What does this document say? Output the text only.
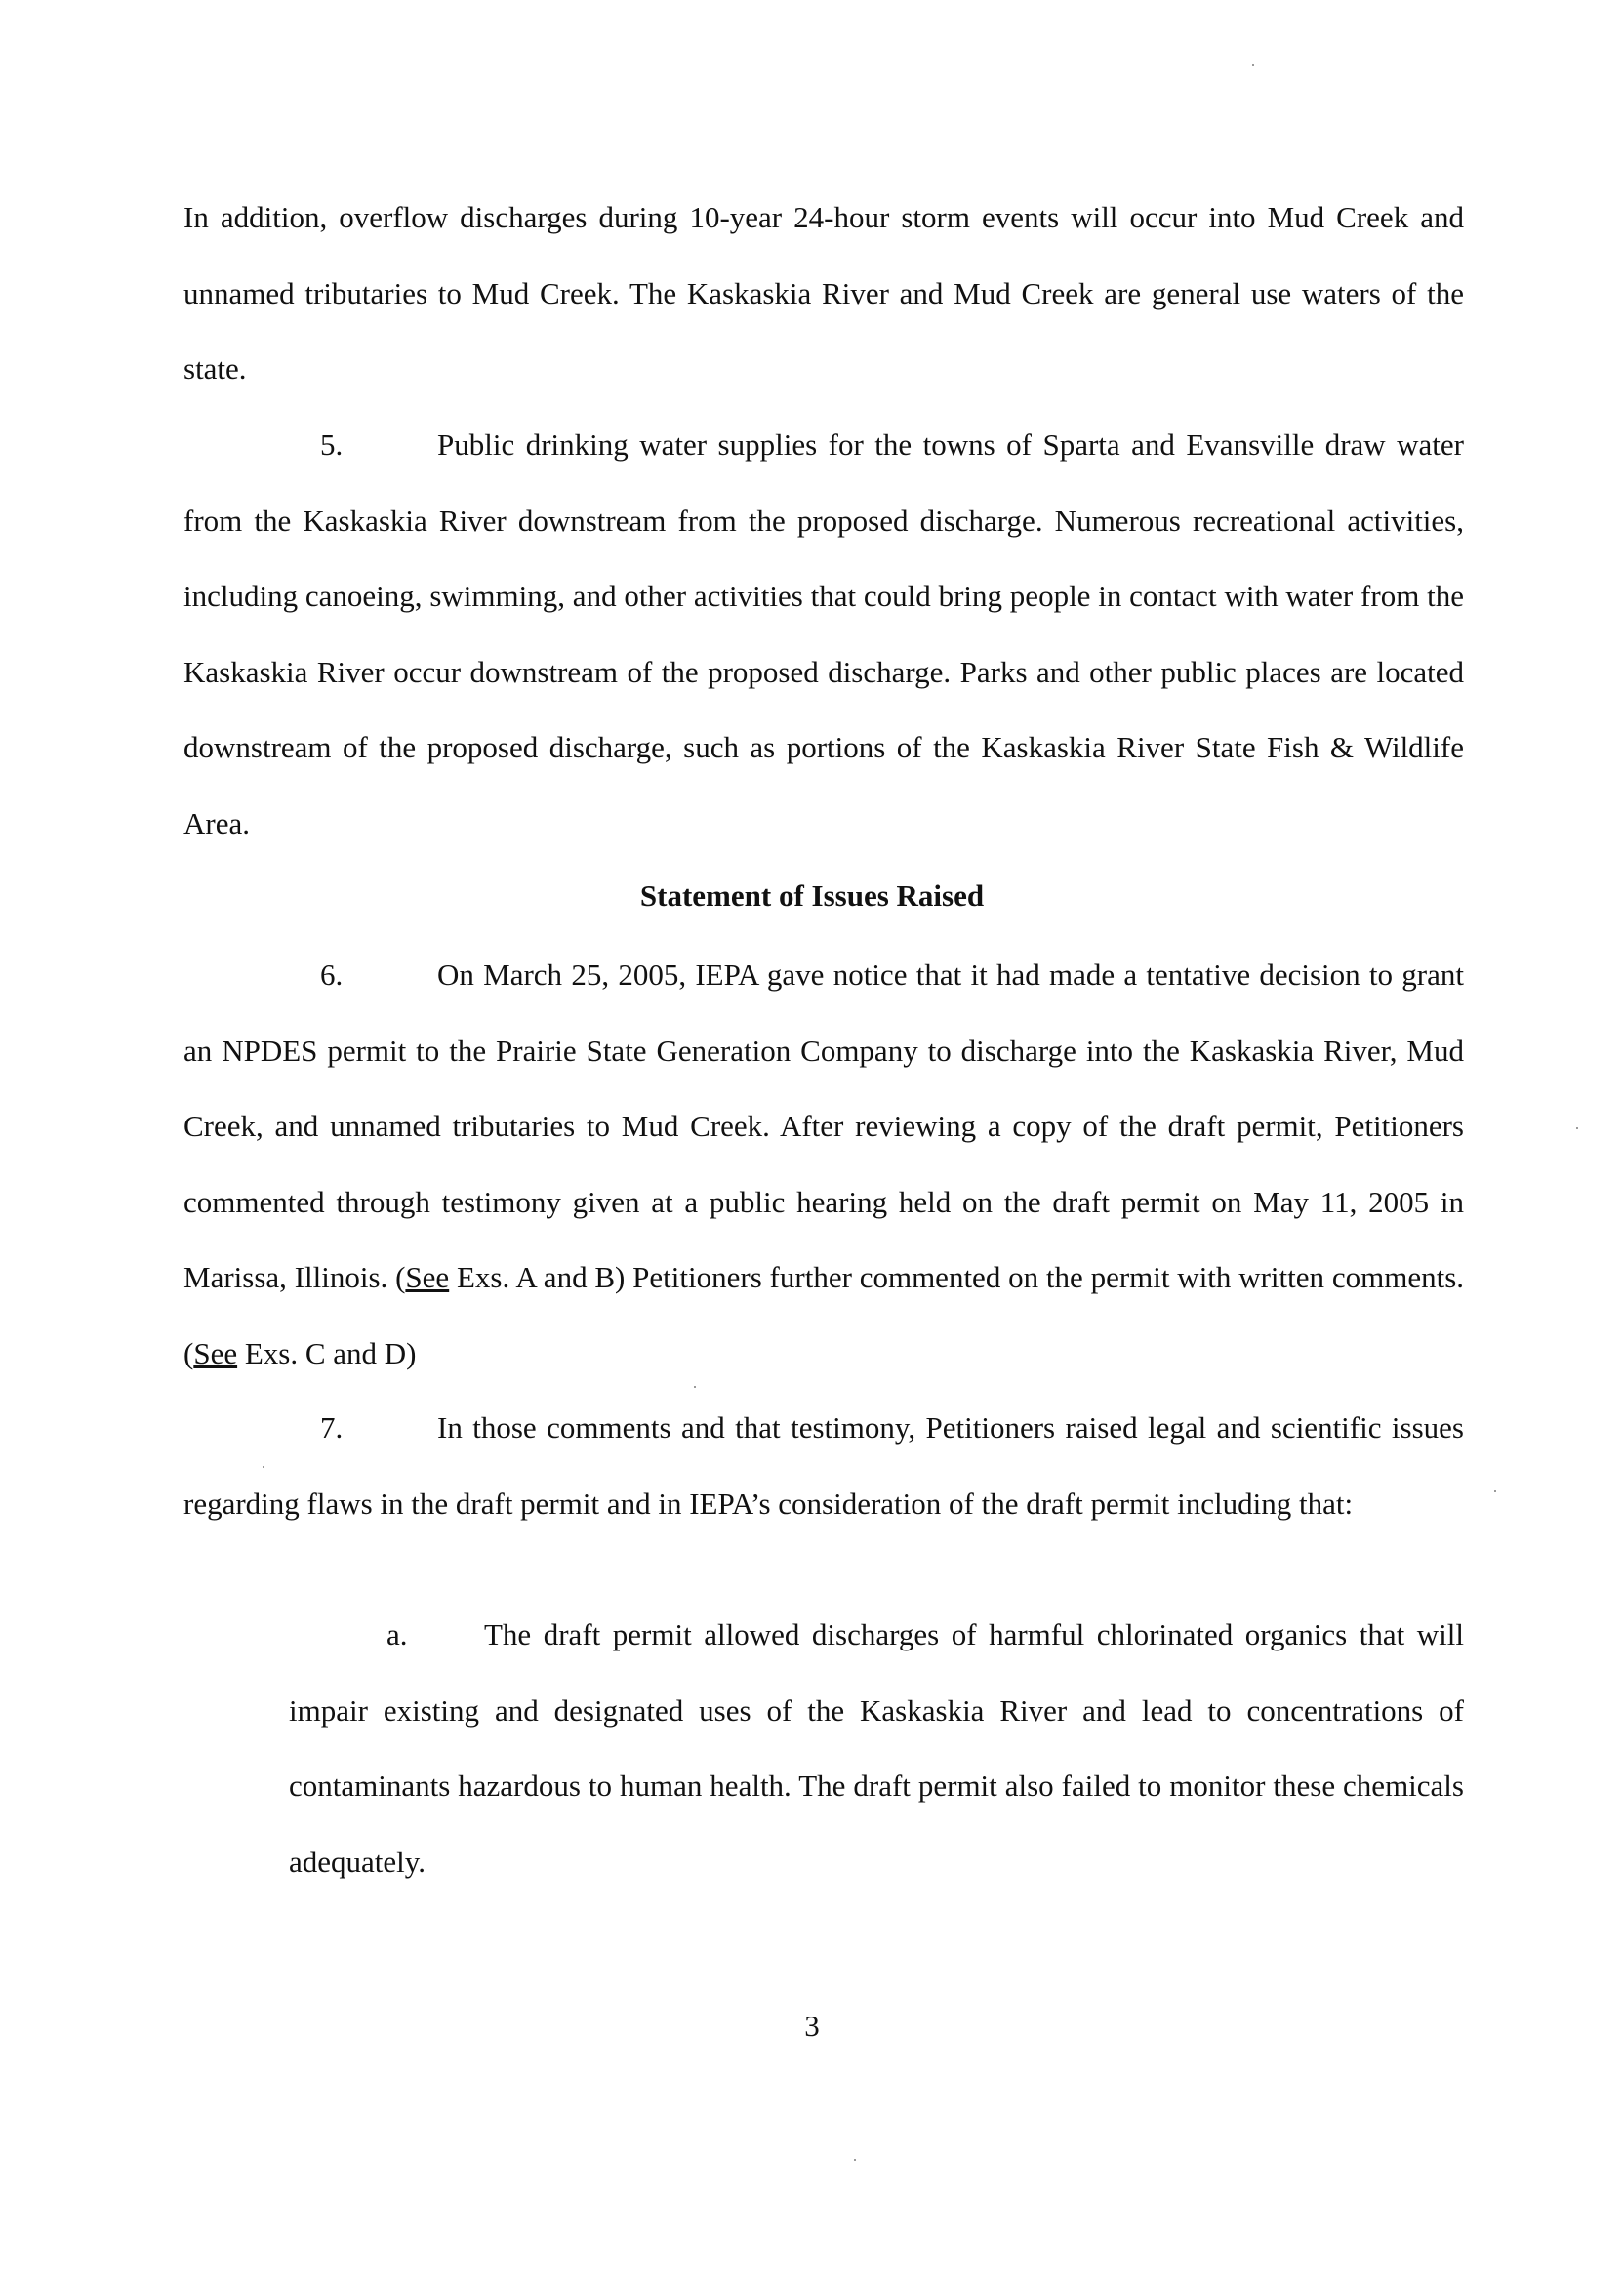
In addition, overflow discharges during 10-year 24-hour storm events will occur into Mud Creek and unnamed tributaries to Mud Creek. The Kaskaskia River and Mud Creek are general use waters of the state.

5.	Public drinking water supplies for the towns of Sparta and Evansville draw water from the Kaskaskia River downstream from the proposed discharge. Numerous recreational activities, including canoeing, swimming, and other activities that could bring people in contact with water from the Kaskaskia River occur downstream of the proposed discharge. Parks and other public places are located downstream of the proposed discharge, such as portions of the Kaskaskia River State Fish & Wildlife Area.

Statement of Issues Raised

6.	On March 25, 2005, IEPA gave notice that it had made a tentative decision to grant an NPDES permit to the Prairie State Generation Company to discharge into the Kaskaskia River, Mud Creek, and unnamed tributaries to Mud Creek. After reviewing a copy of the draft permit, Petitioners commented through testimony given at a public hearing held on the draft permit on May 11, 2005 in Marissa, Illinois. (See Exs. A and B) Petitioners further commented on the permit with written comments. (See Exs. C and D)

7.	In those comments and that testimony, Petitioners raised legal and scientific issues regarding flaws in the draft permit and in IEPA’s consideration of the draft permit including that:

a.	The draft permit allowed discharges of harmful chlorinated organics that will impair existing and designated uses of the Kaskaskia River and lead to concentrations of contaminants hazardous to human health. The draft permit also failed to monitor these chemicals adequately.

3
